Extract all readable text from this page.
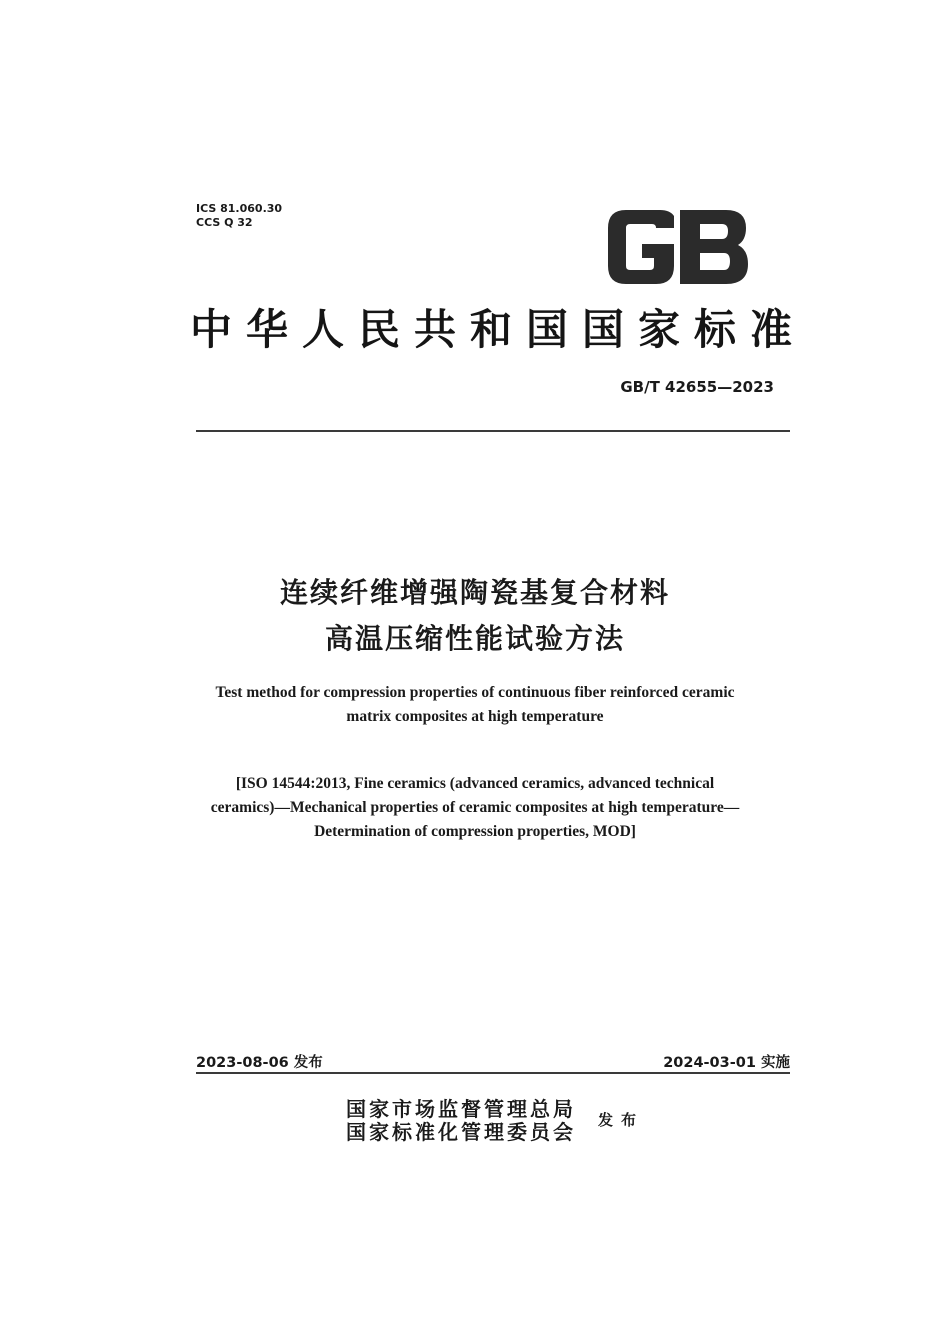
ICS 81.060.30
CCS Q 32
中华人民共和国国家标准
GB/T 42655—2023
连续纤维增强陶瓷基复合材料
高温压缩性能试验方法
Test method for compression properties of continuous fiber reinforced ceramic
matrix composites at high temperature
[ISO 14544:2013, Fine ceramics (advanced ceramics, advanced technical
ceramics)—Mechanical properties of ceramic composites at high temperature—
Determination of compression properties, MOD]
2023-08-06 发布	2024-03-01 实施
国家市场监督管理总局
国家标准化管理委员会 发布
